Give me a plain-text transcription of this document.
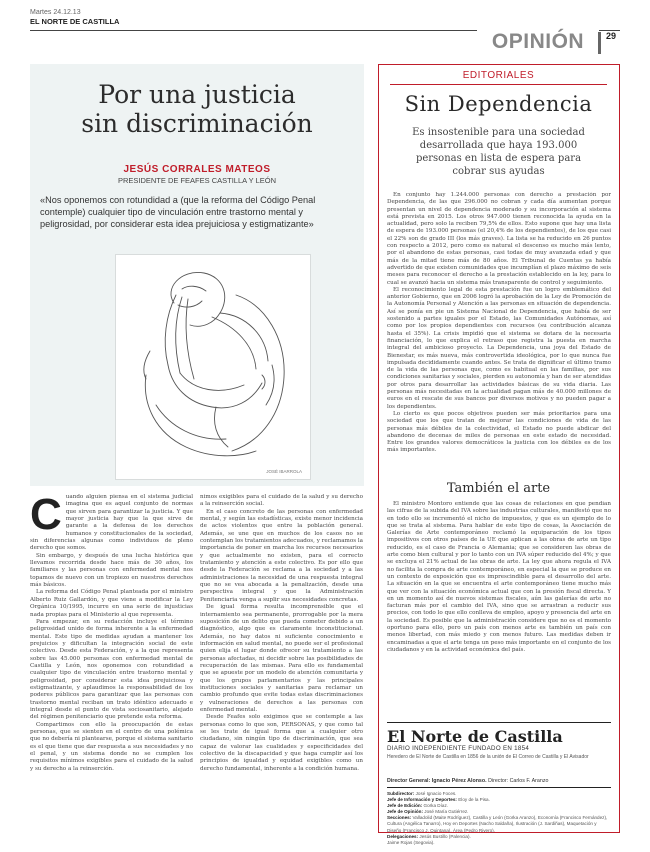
Martes 24.12.13
EL NORTE DE CASTILLA
OPINIÓN 29
Por una justicia
sin discriminación
JESÚS CORRALES MATEOS
PRESIDENTE DE FEAFES CASTILLA Y LEÓN
«Nos oponemos con rotundidad a (que la reforma del Código Penal contemple) cualquier tipo de vinculación entre trastorno mental y peligrosidad, por considerar esta idea prejuiciosa y estigmatizante»
JOSÉ IBARROLA
C uando alguien piensa en el sistema judicial imagina que es aquel conjunto de normas que sirven para garantizar la justicia. Y que mayor justicia hay que la que sirve de garante a la defensa de los derechos humanos y constitucionales de la sociedad, sin diferencias algunas como individuos de pleno derecho que somos.

Sin embargo, y después de una lucha histórica que llevamos recorrida desde hace más de 30 años, los familiares y las personas con enfermedad mental nos topamos de nuevo con un tropiezo en nuestros derechos más básicos.

La reforma del Código Penal planteada por el ministro Alberto Ruiz Gallardón, y que viene a modificar la Ley Orgánica 10/1995, incurre en una serie de injusticias nada propias para el Ministerio al que representa.

Para empezar, en su redacción incluye el término peligrosidad unido de forma inherente a la enfermedad mental. Este tipo de medidas ayudan a mantener los prejuicios y dificultan la integración social de este colectivo. Desde esta Federación, y a la que representa sobre las 45.000 personas con enfermedad mental de Castilla y León, nos oponemos con rotundidad a cualquier tipo de vinculación entre trastorno mental y peligrosidad, por considerar esta idea prejuiciosa y estigmatizante, y aplaudimos la responsabilidad de los poderes públicos para garantizar que las personas con trastorno mental reciban un trato idéntico adecuado e integral desde el punto de vista sociosanitario, alejado del régimen penitenciario que pretende esta reforma.

Compartimos con ello la preocupación de estas personas, que se sienten en el centro de una polémica que no debería ni plantearse, porque el sistema sanitario es el que tiene que dar respuesta a sus necesidades y no el penal, y un sistema donde no se cumplen los requisitos mínimos exigibles para el cuidado de la salud y su derecho a la reinserción.

nimos exigibles para el cuidado de la salud y su derecho a la reinserción social.

En el caso concreto de las personas con enfermedad mental, y según las estadísticas, existe menor incidencia de actos violentos que entre la población general. Además, se une que en muchos de los casos no se contemplan los tratamientos adecuados, y reclamamos la importancia de poner en marcha los recursos necesarios y que actualmente no existen, para el correcto tratamiento y atención a este colectivo. Es por ello que desde la Federación se reclama a la sociedad y a las administraciones la necesidad de una respuesta integral que no se vea abocada a la penalización, desde una perspectiva integral y que la Administración Penitenciaria venga a suplir sus necesidades concretas.

De igual forma resulta incomprensible que el internamiento sea permanente, prorrogable por la mera suposición de un delito que pueda cometer debido a un diagnóstico, algo que es claramente inconstitucional. Además, no hay datos ni suficiente conocimiento e información en salud mental, no puede ser el profesional quien elija el lugar donde ofrecer su tratamiento a las personas afectadas, ni decidir sobre las posibilidades de recuperación de las mismas. Para ello es fundamental que se apueste por un modelo de atención comunitaria y que los grupos parlamentarios y las principales instituciones sociales y sanitarias para reclamar un cambio profundo que evite todas estas discriminaciones y vulneraciones de derechos a las personas con enfermedad mental.

Desde Feafes solo exigimos que se contemple a las personas como lo que son, PERSONAS, y que como tal se les trate de igual forma que a cualquier otro ciudadano, sin ningún tipo de discriminación, que sea capaz de valorar las cualidades y especificidades del colectivo de la discapacidad y que haga cumplir así los principios de igualdad y equidad exigibles como un derecho fundamental, inherente a la condición humana.

EDITORIALES
Sin Dependencia
Es insostenible para una sociedad desarrollada que haya 193.000 personas en lista de espera para cobrar sus ayudas

En conjunto hay 1.244.000 personas con derecho a prestación por Dependencia, de las que 296.000 no cobran y cada día aumentan porque presentan un nivel de dependencia moderado y su incorporación al sistema está prevista en 2015. Los otros 947.000 tienen reconocida la ayuda en la actualidad, pero solo la reciben 79,5% de ellos. Esto supone que hay una lista de espera de 193.000 personas (el 20,4% de los dependientes), de los que casi el 22% son de grado III (los más graves). La lista se ha reducido en 26 puntos con respecto a 2012, pero como es natural el descenso es mucho más lento, por el abandono de estas personas, casi todas de muy avanzada edad y que más de la mitad tiene más de 80 años. El Tribunal de Cuentas ya había advertido de que existen comunidades que incumplían el plazo máximo de seis meses para reconocer el derecho a la prestación establecido en la ley, para lo cual se avanzó hacia un sistema más transparente de control y seguimiento.

El reconocimiento legal de esta prestación fue un logro emblemático del anterior Gobierno, que en 2006 logró la aprobación de la Ley de Promoción de la Autonomía Personal y Atención a las personas en situación de dependencia. Así se ponía en pie un Sistema Nacional de Dependencia, que había de ser sostenido a partes iguales por el Estado, las Comunidades Autónomas, así como por los propios dependientes con recursos (su contribución alcanza hasta el 35%). La crisis impidió que el sistema se dotara de la necesaria financiación, lo que explica el retraso que registra la puesta en marcha integral del ambicioso proyecto. La Dependencia, una joya del Estado de Bienestar, es más nueva, más controvertida ideológica, por lo que nunca fue impulsada decididamente cuando antes. Se trata de dignificar el último tramo de la vida de las personas que, como es habitual en las familias, por sus condiciones sanitarias y sociales, pierden su autonomía y han de ser atendidas por otros para desarrollar las actividades básicas de su vida diaria. Las personas más necesitadas en la actualidad pagan más de 40.000 millones de euros en el rescate de sus bancos por diversos motivos y no pueden pagar a los dependientes.

Lo cierto es que pocos objetivos pueden ser más prioritarios para una sociedad que los que tratan de mejorar las condiciones de vida de las personas más débiles de la colectividad, el Estado no puede abdicar del abandono de decenas de miles de personas en este estado de necesidad. Entre los grandes valores democráticos la justicia con los débiles es de los más importantes.

También el arte

El ministro Montoro entiende que las cosas de relaciones en que pendían las cifras de la subida del IVA sobre las industrias culturales, manifestó que no en todo ello se incrementó el nicho de impuestos, y que es un ejemplo de lo que se trata al sistema. Para hablar de este tipo de cosas, la Asociación de Galerías de Arte contemporáneo reclamó la equiparación de los tipos impositivos con otros países de la UE que aplican a las obras de arte un tipo reducido, es el caso de Francia o Alemania; que se consideren las obras de arte como bien cultural y por lo tanto con un IVA súper reducido del 4%; y que se excluya el 21% actual de las obras de arte. La ley que ahora regula el IVA no facilita la compra de arte contemporáneo, en especial la que se produce en un contexto de exposición que es imprescindible para el desarrollo del arte. La situación en la que se encuentra el arte contemporáneo tiene mucho más que ver con la situación económica actual que con la presión fiscal directa. Y en un momento así de nuevos sistemas fiscales, aún las galerías de arte no facturan más por el cambio del IVA, sino que se arrastran a reducir sus precios, con todo lo que ello conlleva de empleo, apoyo y presencia del arte en la sociedad. Es posible que la administración considere que no es el momento oportuno para ello, pero un país con menos arte es también un país con menos libertad, con más miedo y con menos futuro. Las medidas deben ir encaminadas a que el arte tenga un peso más importante en el conjunto de los ciudadanos y en la actividad económica del país.

El Norte de Castilla
DIARIO INDEPENDIENTE FUNDADO EN 1854
Heredero de El Norte de Castilla en 1856 de la unión de El Correo de Castilla y El Avisador
Director General: Ignacio Pérez Alonso. Director: Carlos F. Aranzo
Subdirector: José Ignacio Foces.
Jefe de Información y Deportes: Eloy de la Pisa.
Jefe de Edición: Gorka Díaz.
Jefe de Opinión: José María Gutiérrez.
Secciones: Valladolid (Maite Rodríguez), Castilla y León (Gorka Aranzo), Economía (Francisco Fernández), Cultura (Angélica Tanarro), Hoy en Deportes (Nacho Saldaña), Ilustración (J. Sardiñas), Maquetación y Diseño (Francisco J. Quintana), Área (Pedro Rivero).
Delegaciones: Jesús Bustillo (Palencia).
Jaime Rojas (Segovia).
